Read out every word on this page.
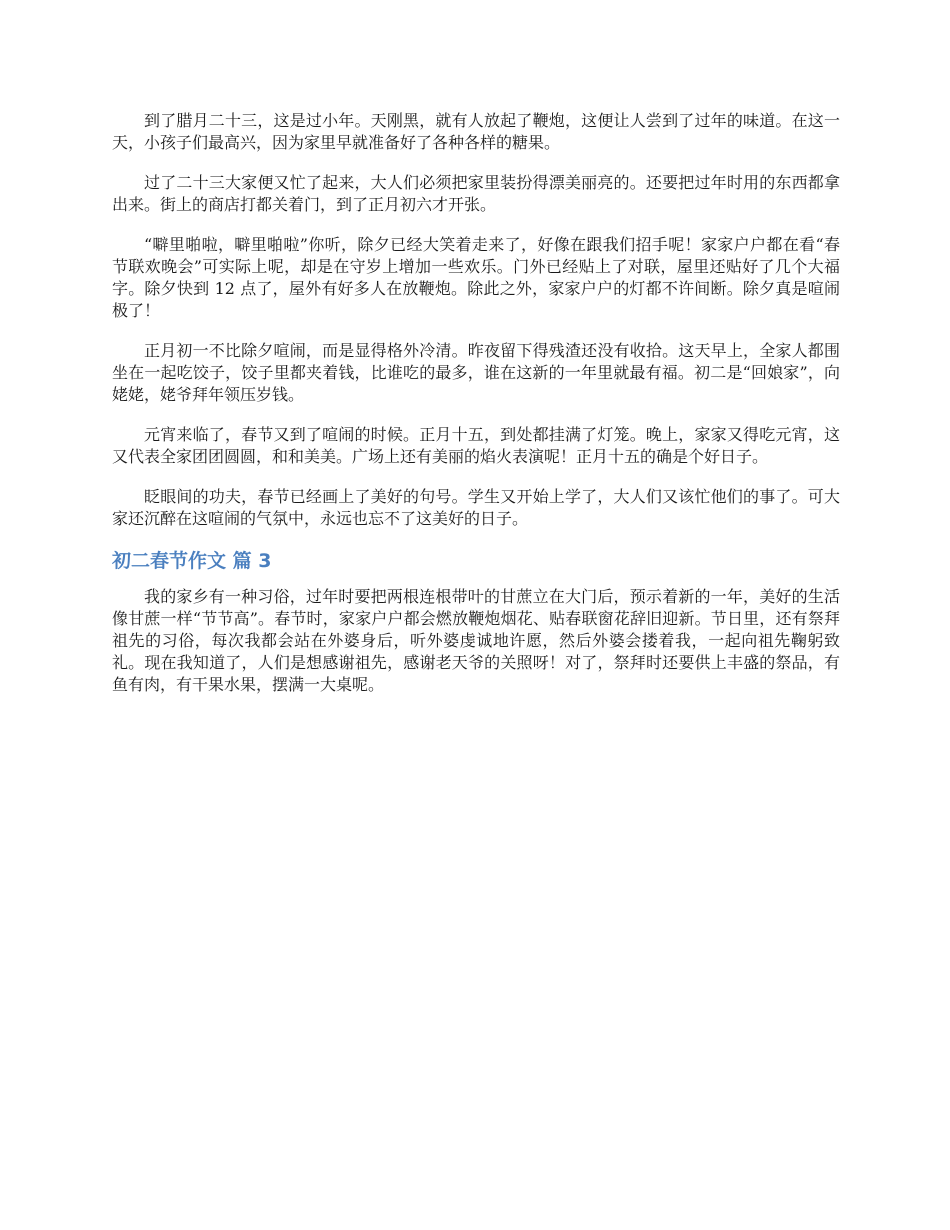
到了腊月二十三，这是过小年。天刚黑，就有人放起了鞭炮，这便让人尝到了过年的味道。在这一天，小孩子们最高兴，因为家里早就准备好了各种各样的糖果。

过了二十三大家便又忙了起来，大人们必须把家里装扮得漂美丽亮的。还要把过年时用的东西都拿出来。街上的商店打都关着门，到了正月初六才开张。

“噼里啪啦，噼里啪啦”你听，除夕已经大笑着走来了，好像在跟我们招手呢！家家户户都在看“春节联欢晚会”可实际上呢，却是在守岁上增加一些欢乐。门外已经贴上了对联，屋里还贴好了几个大福字。除夕快到 12 点了，屋外有好多人在放鞭炮。除此之外，家家户户的灯都不许间断。除夕真是喧闹极了！

正月初一不比除夕喧闹，而是显得格外冷清。昨夜留下得残渣还没有收拾。这天早上，全家人都围坐在一起吃饺子，饺子里都夹着钱，比谁吃的最多，谁在这新的一年里就最有福。初二是“回娘家”，向姥姥，姥爷拜年领压岁钱。

元宵来临了，春节又到了喧闹的时候。正月十五，到处都挂满了灯笼。晚上，家家又得吃元宵，这又代表全家团团圆圆，和和美美。广场上还有美丽的焰火表演呢！正月十五的确是个好日子。

眨眼间的功夫，春节已经画上了美好的句号。学生又开始上学了，大人们又该忙他们的事了。可大家还沉醉在这喧闹的气氛中，永远也忘不了这美好的日子。

初二春节作文 篇 3

我的家乡有一种习俗，过年时要把两根连根带叶的甘蔗立在大门后，预示着新的一年，美好的生活像甘蔗一样“节节高”。春节时，家家户户都会燃放鞭炮烟花、贴春联窗花辞旧迎新。节日里，还有祭拜祖先的习俗，每次我都会站在外婆身后，听外婆虔诚地许愿，然后外婆会搂着我，一起向祖先鞠躬致礼。现在我知道了，人们是想感谢祖先，感谢老天爷的关照呀！对了，祭拜时还要供上丰盛的祭品，有鱼有肉，有干果水果，摆满一大桌呢。
